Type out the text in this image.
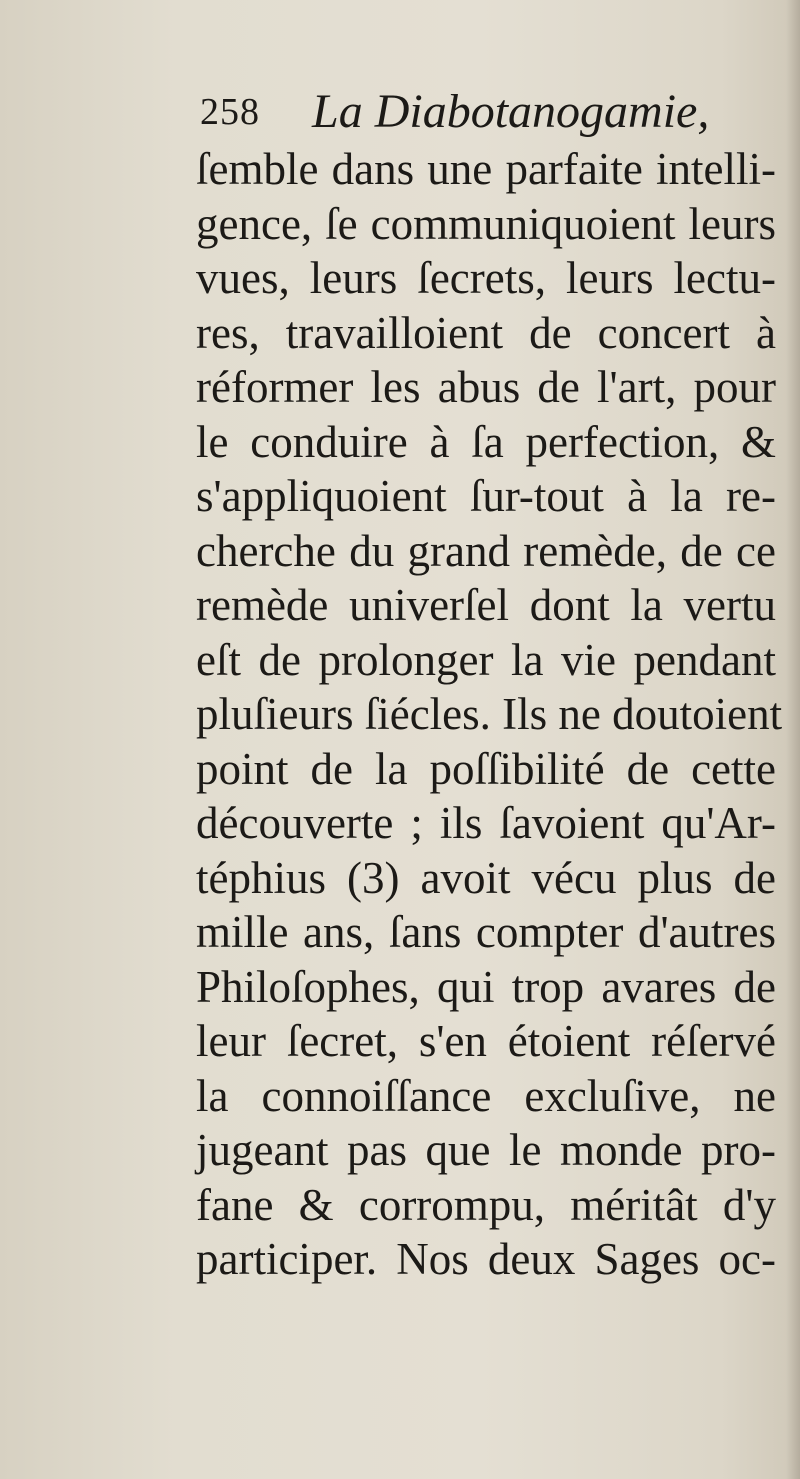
258 La Diabotanogamie,
ſemble dans une parfaite intelli-
gence, ſe communiquoient leurs
vues, leurs ſecrets, leurs lectu-
res, travailloient de concert à
réformer les abus de l'art, pour
le conduire à ſa perfection, &
s'appliquoient ſur-tout à la re-
cherche du grand remède, de ce
remède univerſel dont la vertu
eſt de prolonger la vie pendant
pluſieurs ſiécles. Ils ne doutoient
point de la poſſibilité de cette
découverte ; ils ſavoient qu'Ar-
téphius (3) avoit vécu plus de
mille ans, ſans compter d'autres
Philoſophes, qui trop avares de
leur ſecret, s'en étoient réſervé
la connoiſſance excluſive, ne
jugeant pas que le monde pro-
fane & corrompu, méritât d'y
participer. Nos deux Sages oc-
